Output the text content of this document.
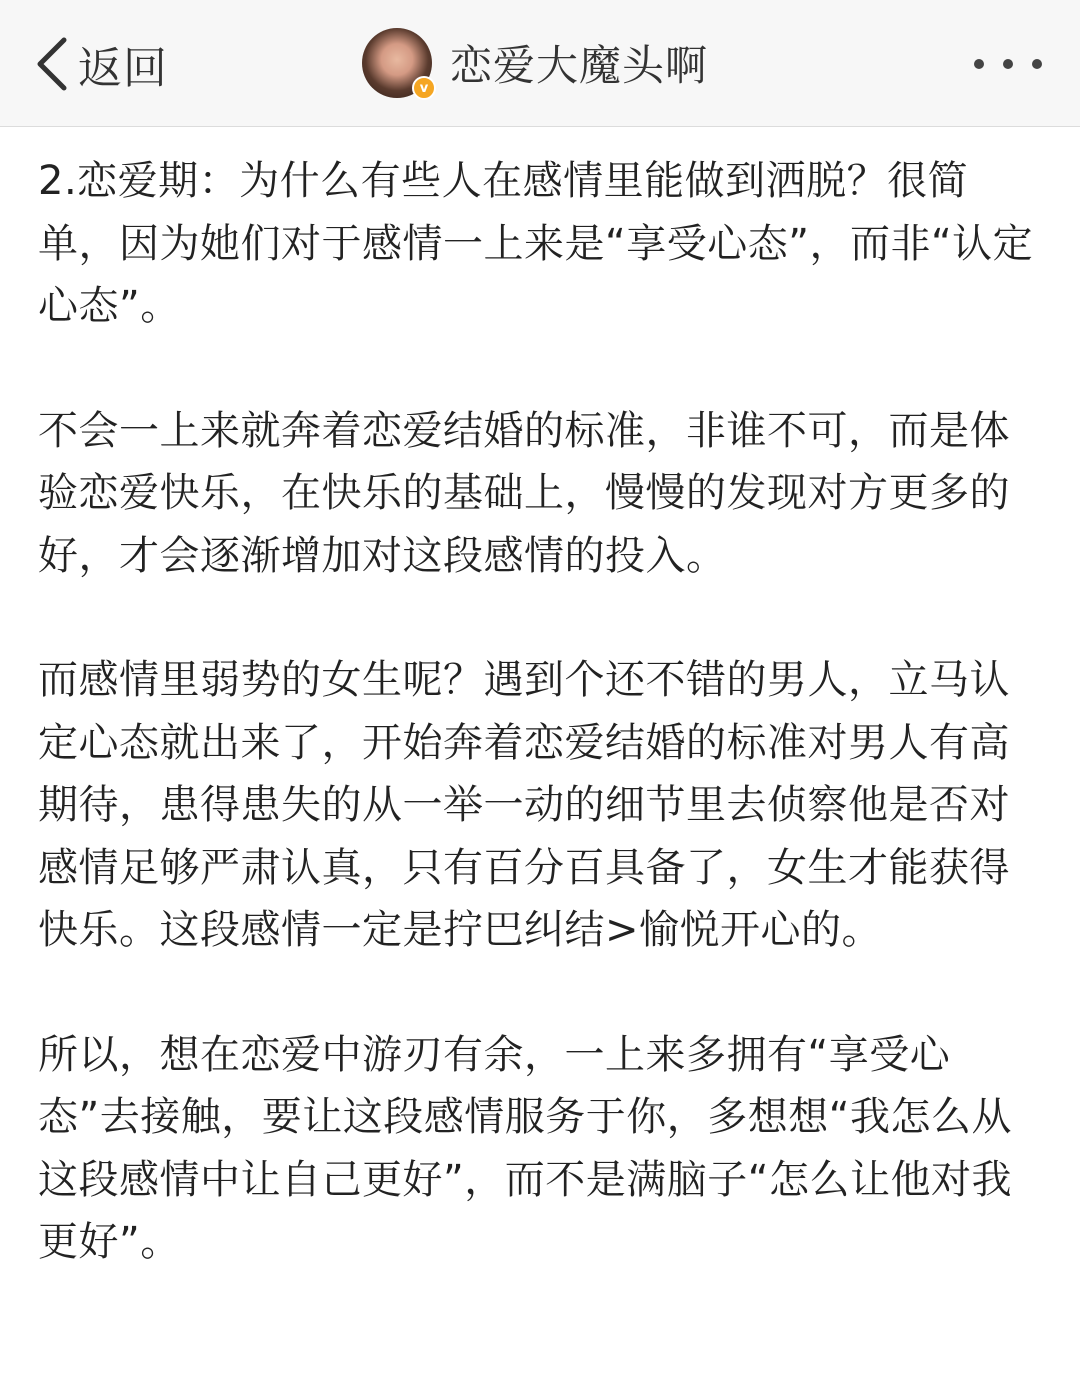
返回	v 恋爱大魔头啊

2.恋爱期：为什么有些人在感情里能做到洒脱？很简单，因为她们对于感情一上来是“享受心态”，而非“认定心态”。

不会一上来就奔着恋爱结婚的标准，非谁不可，而是体验恋爱快乐，在快乐的基础上，慢慢的发现对方更多的好，才会逐渐增加对这段感情的投入。

而感情里弱势的女生呢？遇到个还不错的男人，立马认定心态就出来了，开始奔着恋爱结婚的标准对男人有高期待，患得患失的从一举一动的细节里去侦察他是否对感情足够严肃认真，只有百分百具备了，女生才能获得快乐。这段感情一定是拧巴纠结>愉悦开心的。

所以，想在恋爱中游刃有余，一上来多拥有“享受心态”去接触，要让这段感情服务于你，多想想“我怎么从这段感情中让自己更好”，而不是满脑子“怎么让他对我更好”。
